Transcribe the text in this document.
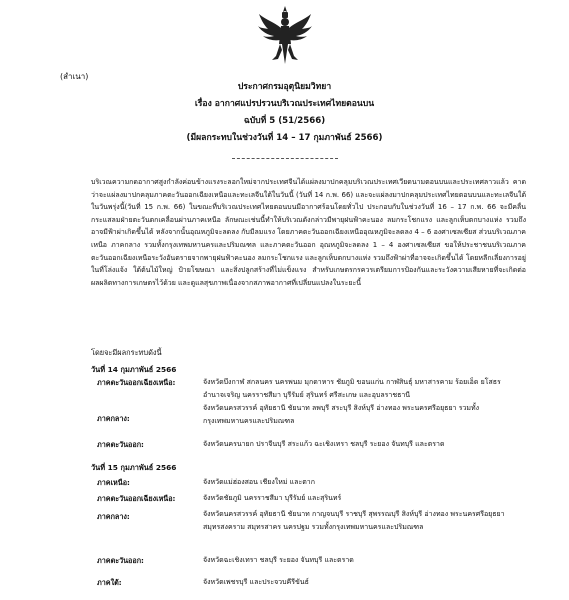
(สำเนา)
ประกาศกรมอุตุนิยมวิทยา
เรื่อง อากาศแปรปรวนบริเวณประเทศไทยตอนบน
ฉบับที่ 5 (51/2566)
(มีผลกระทบในช่วงวันที่ 14 – 17 กุมภาพันธ์ 2566)

บริเวณความกดอากาศสูงกำลังค่อนข้างแรงระลอกใหม่จากประเทศจีนได้แผ่ลงมาปกคลุมบริเวณประเทศเวียดนามตอนบนและประเทศลาวแล้ว คาดว่าจะแผ่ลงมาปกคลุมภาคตะวันออกเฉียงเหนือและทะเลจีนใต้ในวันนี้ (วันที่ 14 ก.พ. 66) และจะแผ่ลงมาปกคลุมประเทศไทยตอนบนและทะเลจีนใต้ในวันพรุ่งนี้(วันที่ 15 ก.พ. 66) ในขณะที่บริเวณประเทศไทยตอนบนมีอากาศร้อนโดยทั่วไป ประกอบกับในช่วงวันที่ 16 – 17 ก.พ. 66 จะมีคลื่นกระแสลมฝ่ายตะวันตกเคลื่อนผ่านภาคเหนือ ลักษณะเช่นนี้ทำให้บริเวณดังกล่าวมีพายุฝนฟ้าคะนอง ลมกระโชกแรง และลูกเห็บตกบางแห่ง รวมถึงอาจมีฟ้าผ่าเกิดขึ้นได้ หลังจากนั้นอุณหภูมิจะลดลง กับมีลมแรง โดยภาคตะวันออกเฉียงเหนืออุณหภูมิจะลดลง 4 – 6 องศาเซลเซียส ส่วนบริเวณภาคเหนือ ภาคกลาง รวมทั้งกรุงเทพมหานครและปริมณฑล และภาคตะวันออก อุณหภูมิจะลดลง 1 – 4 องศาเซลเซียส ขอให้ประชาชนบริเวณภาคตะวันออกเฉียงเหนือระวังอันตรายจากพายุฝนฟ้าคะนอง ลมกระโชกแรง และลูกเห็บตกบางแห่ง รวมถึงฟ้าผ่าที่อาจจะเกิดขึ้นได้ โดยหลีกเลี่ยงการอยู่ในที่โล่งแจ้ง ใต้ต้นไม้ใหญ่ ป้ายโฆษณา และสิ่งปลูกสร้างที่ไม่แข็งแรง สำหรับเกษตรกรควรเตรียมการป้องกันและระวังความเสียหายที่จะเกิดต่อผลผลิตทางการเกษตรไว้ด้วย และดูแลสุขภาพเนื่องจากสภาพอากาศที่เปลี่ยนแปลงในระยะนี้

โดยจะมีผลกระทบดังนี้
วันที่ 14 กุมภาพันธ์ 2566
ภาคตะวันออกเฉียงเหนือ:	จังหวัดบึงกาฬ สกลนคร นครพนม มุกดาหาร ชัยภูมิ ขอนแก่น กาฬสินธุ์ มหาสารคาม ร้อยเอ็ด ยโสธร อำนาจเจริญ นครราชสีมา บุรีรัมย์ สุรินทร์ ศรีสะเกษ และอุบลราชธานี
ภาคกลาง:
จังหวัดนครสวรรค์ อุทัยธานี ชัยนาท ลพบุรี สระบุรี สิงห์บุรี อ่างทอง พระนครศรีอยุธยา รวมทั้งกรุงเทพมหานครและปริมณฑล
ภาคตะวันออก:	จังหวัดนครนายก ปราจีนบุรี สระแก้ว ฉะเชิงเทรา ชลบุรี ระยอง จันทบุรี และตราด
วันที่ 15 กุมภาพันธ์ 2566
ภาคเหนือ:	จังหวัดแม่ฮ่องสอน เชียงใหม่ และตาก
ภาคตะวันออกเฉียงเหนือ:	จังหวัดชัยภูมิ นครราชสีมา บุรีรัมย์ และสุรินทร์
ภาคกลาง:	จังหวัดนครสวรรค์ อุทัยธานี ชัยนาท กาญจนบุรี ราชบุรี สุพรรณบุรี สิงห์บุรี อ่างทอง พระนครศรีอยุธยา สมุทรสงคราม สมุทรสาคร นครปฐม รวมทั้งกรุงเทพมหานครและปริมณฑล
ภาคตะวันออก:	จังหวัดฉะเชิงเทรา ชลบุรี ระยอง จันทบุรี และตราด
ภาคใต้:	จังหวัดเพชรบุรี และประจวบคีรีขันธ์
